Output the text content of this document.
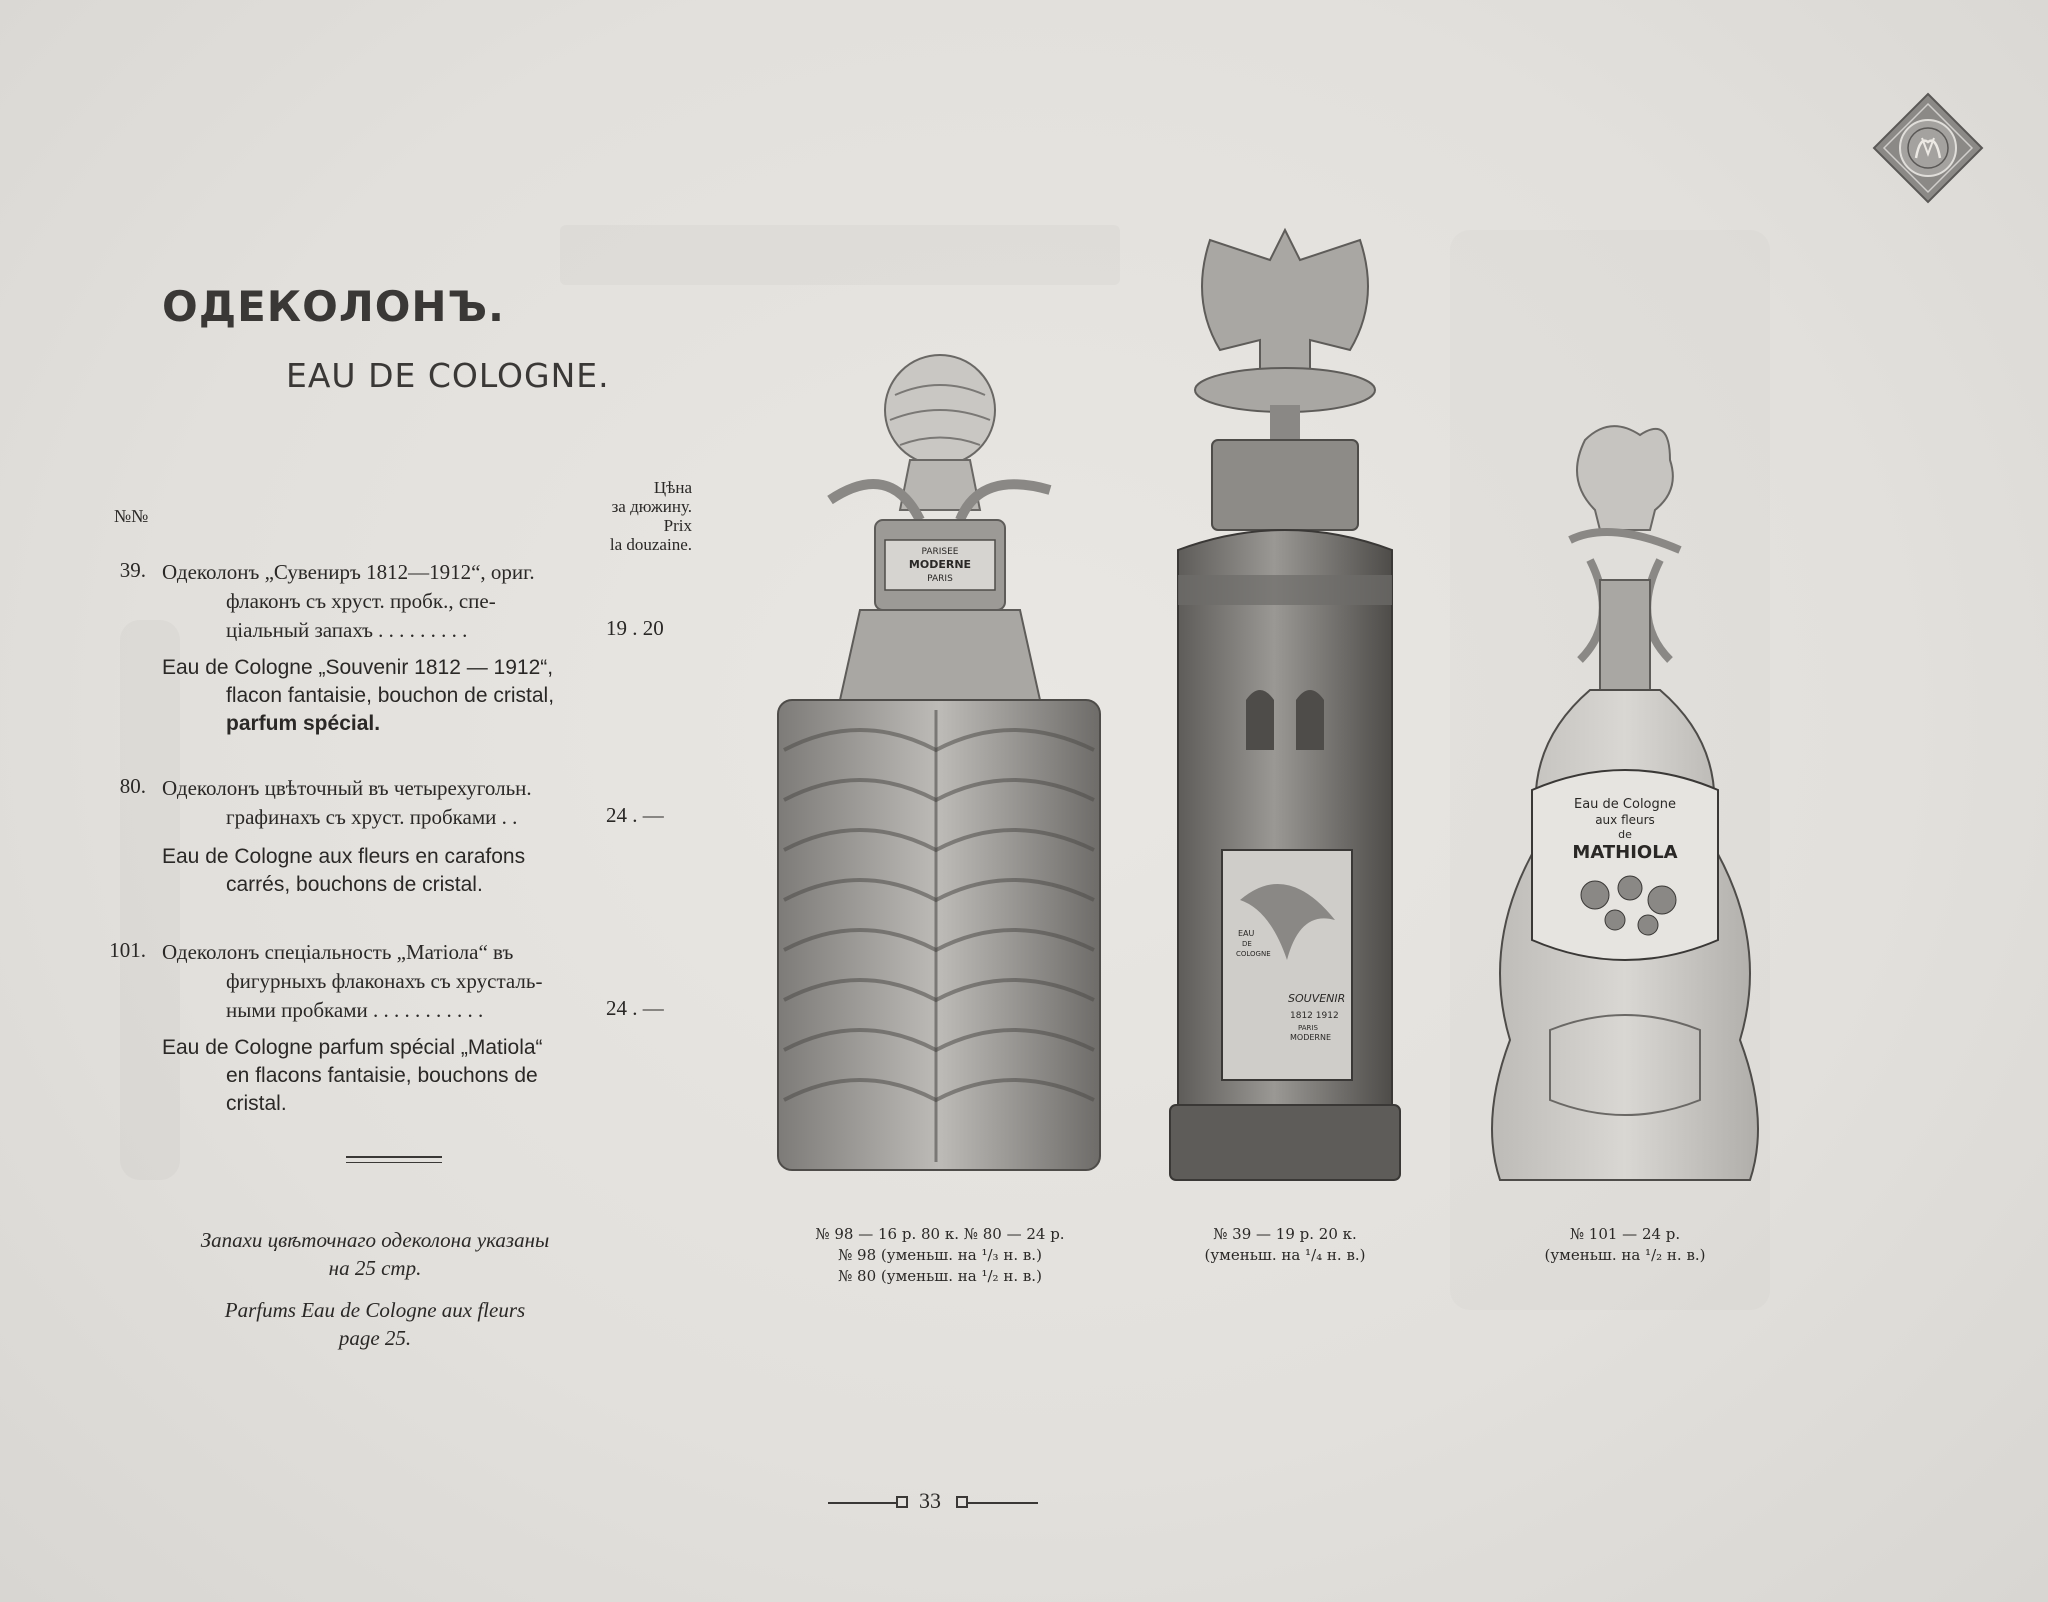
ОДЕКОЛОНЪ.
EAU DE COLOGNE.
№№
Цѣна
за дюжину.
Prix
la douzaine.
39. Одеколонъ „Сувениръ 1812—1912“, ориг.
флаконъ съ хруст. пробк., спе-
ціальный запахъ . . . . . . . . .	19 . 20
Eau de Cologne „Souvenir 1812 — 1912“,
flacon fantaisie, bouchon de cristal,
parfum spécial.
80. Одеколонъ цвѣточный въ четырехугольн.
графинахъ съ хруст. пробками . .	24 . —
Eau de Cologne aux fleurs en carafons
carrés, bouchons de cristal.
101. Одеколонъ спеціальность „Матіола“ въ
фигурныхъ флаконахъ съ хрусталь-
ными пробками . . . . . . . . . . .	24 . —
Eau de Cologne parfum spécial „Matiola“
en flacons fantaisie, bouchons de
cristal.
Запахи цвѣточнаго одеколона указаны
на 25 стр.
Parfums Eau de Cologne aux fleurs
page 25.
PARISEE
MODERNE
PARIS
EAU
DE
COLOGNE
SOUVENIR
1812 1912
PARIS
MODERNE
Eau de Cologne
aux fleurs
de
MATHIOLA
№ 98 — 16 р. 80 к. № 80 — 24 р.
№ 98 (уменьш. на ¹/₃ н. в.)
№ 80 (уменьш. на ¹/₂ н. в.)
№ 39 — 19 р. 20 к.
(уменьш. на ¹/₄ н. в.)
№ 101 — 24 р.
(уменьш. на ¹/₂ н. в.)
33
